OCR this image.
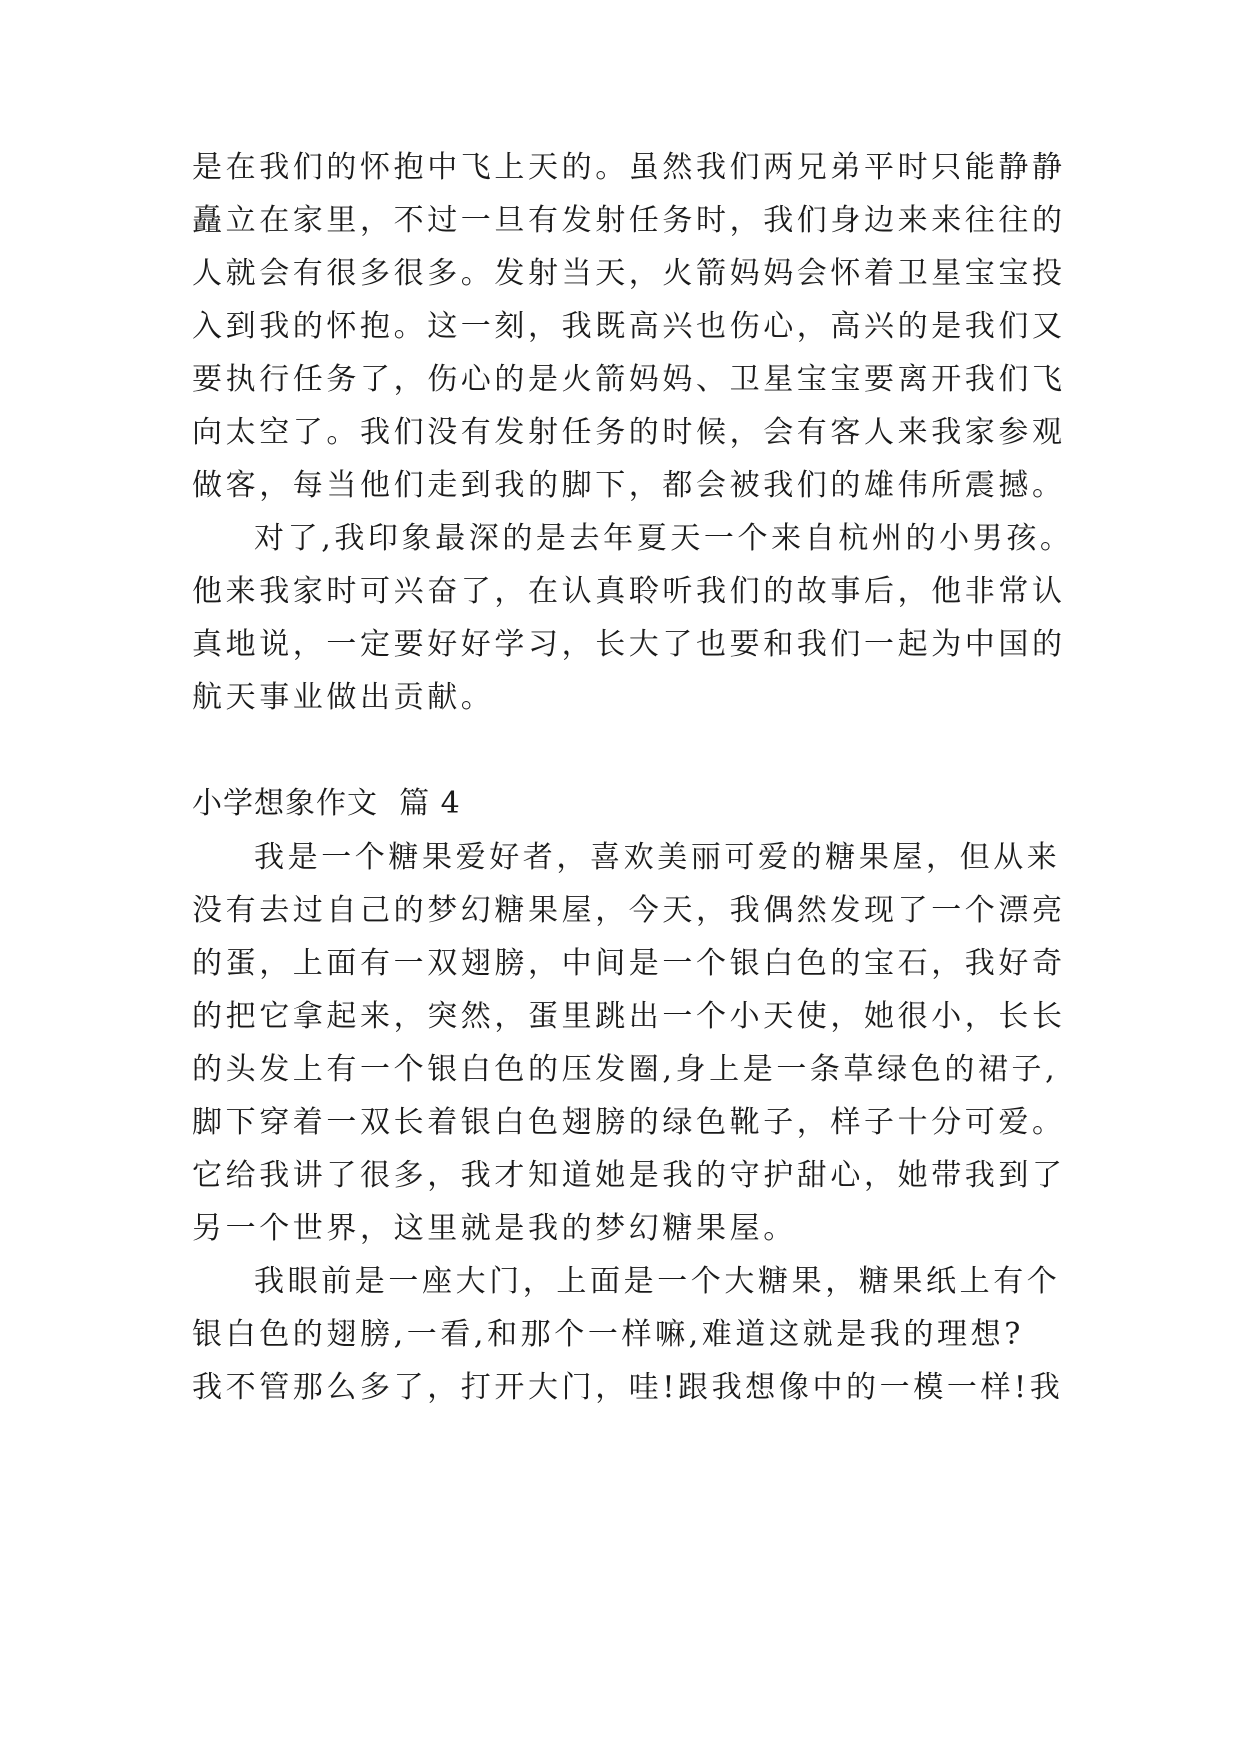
是在我们的怀抱中飞上天的。虽然我们两兄弟平时只能静静
矗立在家里，不过一旦有发射任务时，我们身边来来往往的
人就会有很多很多。发射当天，火箭妈妈会怀着卫星宝宝投
入到我的怀抱。这一刻，我既高兴也伤心，高兴的是我们又
要执行任务了，伤心的是火箭妈妈、卫星宝宝要离开我们飞
向太空了。我们没有发射任务的时候，会有客人来我家参观
做客，每当他们走到我的脚下，都会被我们的雄伟所震撼。
对了,我印象最深的是去年夏天一个来自杭州的小男孩。
他来我家时可兴奋了，在认真聆听我们的故事后，他非常认
真地说，一定要好好学习，长大了也要和我们一起为中国的
航天事业做出贡献。
小学想象作文  篇 4
我是一个糖果爱好者，喜欢美丽可爱的糖果屋，但从来
没有去过自己的梦幻糖果屋，今天，我偶然发现了一个漂亮
的蛋，上面有一双翅膀，中间是一个银白色的宝石，我好奇
的把它拿起来，突然，蛋里跳出一个小天使，她很小，长长
的头发上有一个银白色的压发圈,身上是一条草绿色的裙子,
脚下穿着一双长着银白色翅膀的绿色靴子，样子十分可爱。
它给我讲了很多，我才知道她是我的守护甜心，她带我到了
另一个世界，这里就是我的梦幻糖果屋。
我眼前是一座大门，上面是一个大糖果，糖果纸上有个
银白色的翅膀,一看,和那个一样嘛,难道这就是我的理想?
我不管那么多了，打开大门，哇!跟我想像中的一模一样!我
